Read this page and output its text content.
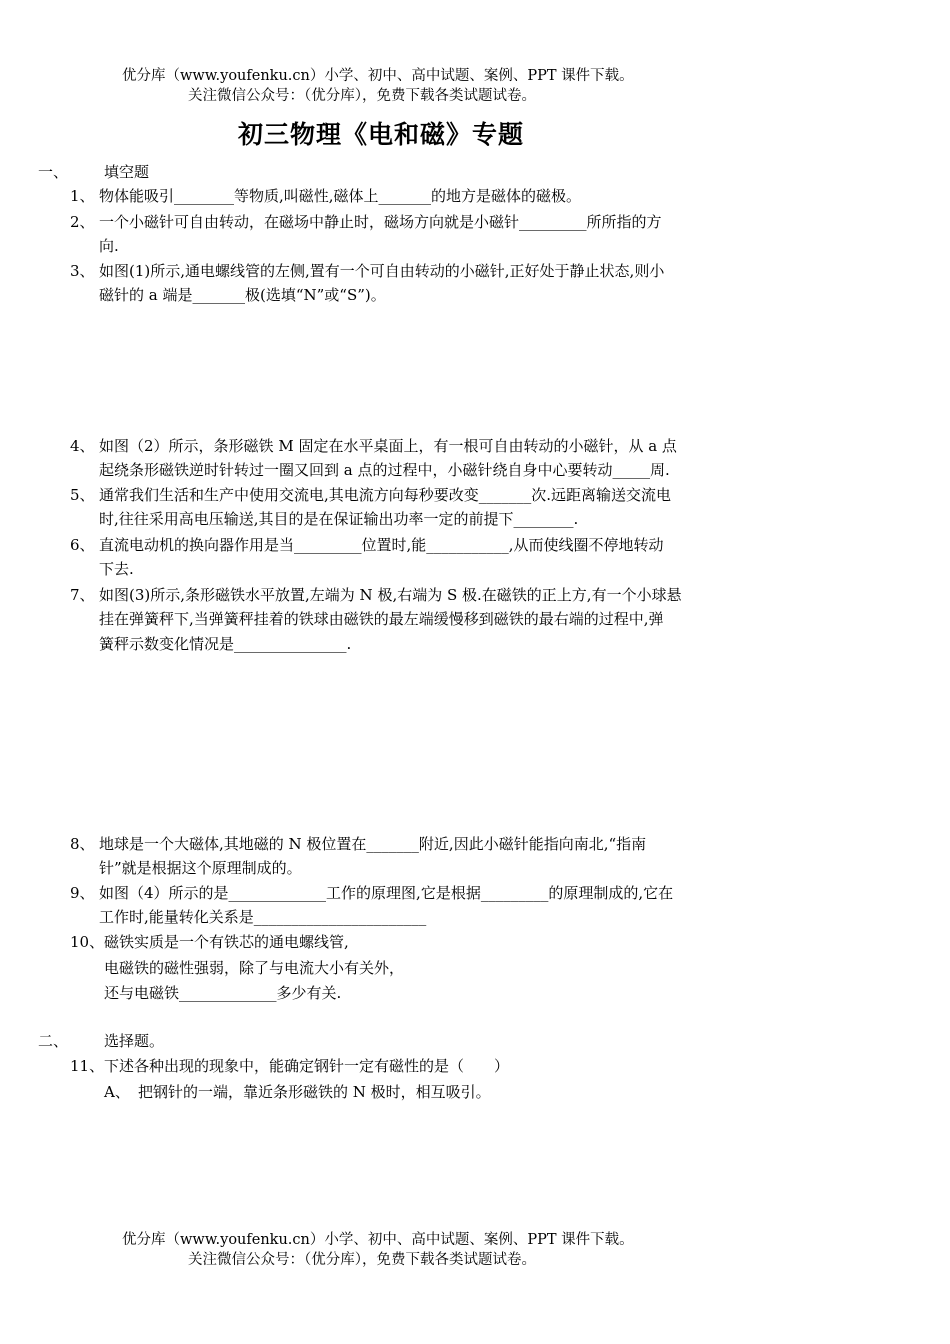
优分库（www.youfenku.cn）小学、初中、高中试题、案例、PPT 课件下载。
关注微信公众号：（优分库），免费下载各类试题试卷。
初三物理《电和磁》专题
一、 填空题
1、 物体能吸引________等物质,叫磁性,磁体上_______的地方是磁体的磁极。
2、 一个小磁针可自由转动，在磁场中静止时，磁场方向就是小磁针_________所所指的方
向.
3、 如图(1)所示,通电螺线管的左侧,置有一个可自由转动的小磁针,正好处于静止状态,则小
磁针的 a 端是_______极(选填“N”或“S”)。
4、 如图（2）所示，条形磁铁 M 固定在水平桌面上，有一根可自由转动的小磁针，从 a 点
起绕条形磁铁逆时针转过一圈又回到 a 点的过程中，小磁针绕自身中心要转动_____周.
5、 通常我们生活和生产中使用交流电,其电流方向每秒要改变_______次.远距离输送交流电
时,往往采用高电压输送,其目的是在保证输出功率一定的前提下________.
6、 直流电动机的换向器作用是当_________位置时,能___________,从而使线圈不停地转动
下去.
7、 如图(3)所示,条形磁铁水平放置,左端为 N 极,右端为 S 极.在磁铁的正上方,有一个小球悬
挂在弹簧秤下,当弹簧秤挂着的铁球由磁铁的最左端缓慢移到磁铁的最右端的过程中,弹
簧秤示数变化情况是_______________.
8、 地球是一个大磁体,其地磁的 N 极位置在_______附近,因此小磁针能指向南北,“指南
针”就是根据这个原理制成的。
9、 如图（4）所示的是_____________工作的原理图,它是根据_________的原理制成的,它在
工作时,能量转化关系是_______________________
10、 磁铁实质是一个有铁芯的通电螺线管,
电磁铁的磁性强弱，除了与电流大小有关外，
还与电磁铁_____________多少有关.
二、 选择题。
11、 下述各种出现的现象中，能确定钢针一定有磁性的是（　　）
A、 把钢针的一端，靠近条形磁铁的 N 极时，相互吸引。
优分库（www.youfenku.cn）小学、初中、高中试题、案例、PPT 课件下载。
关注微信公众号：（优分库），免费下载各类试题试卷。
